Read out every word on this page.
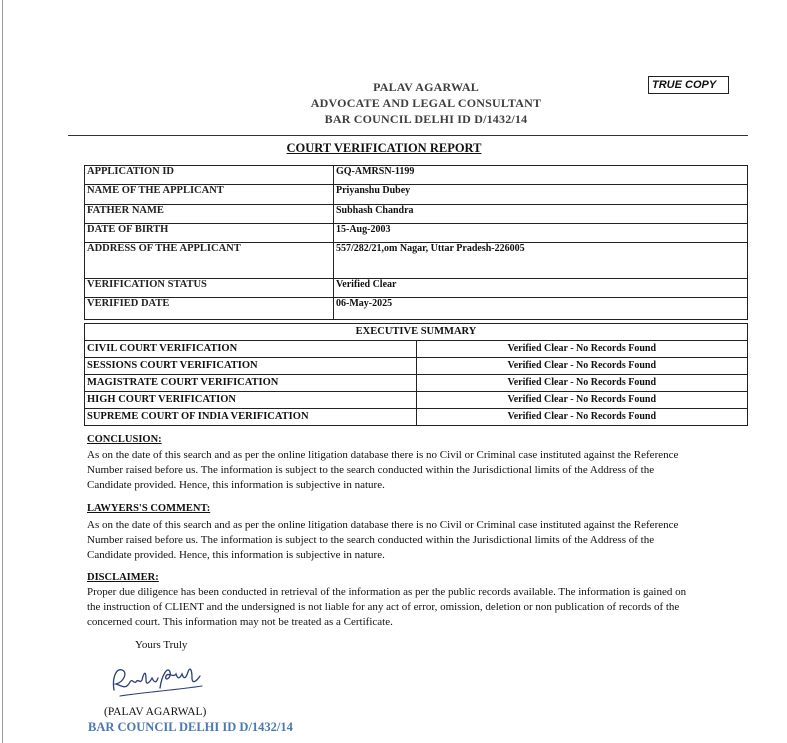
PALAV AGARWAL
ADVOCATE AND LEGAL CONSULTANT
BAR COUNCIL DELHI ID D/1432/14
TRUE COPY
COURT VERIFICATION REPORT
APPLICATION ID	GQ-AMRSN-1199
NAME OF THE APPLICANT	Priyanshu Dubey
FATHER NAME	Subhash Chandra
DATE OF BIRTH	15-Aug-2003
ADDRESS OF THE APPLICANT	557/282/21,om Nagar, Uttar Pradesh-226005
VERIFICATION STATUS	Verified Clear
VERIFIED DATE	06-May-2025
EXECUTIVE SUMMARY	
CIVIL COURT VERIFICATION	Verified Clear - No Records Found
SESSIONS COURT VERIFICATION	Verified Clear - No Records Found
MAGISTRATE COURT VERIFICATION	Verified Clear - No Records Found
HIGH COURT VERIFICATION	Verified Clear - No Records Found
SUPREME COURT OF INDIA VERIFICATION	Verified Clear - No Records Found
CONCLUSION:
As on the date of this search and as per the online litigation database there is no Civil or Criminal case instituted against the Reference
Number raised before us. The information is subject to the search conducted within the Jurisdictional limits of the Address of the
Candidate provided. Hence, this information is subjective in nature.
LAWYERS'S COMMENT:
As on the date of this search and as per the online litigation database there is no Civil or Criminal case instituted against the Reference
Number raised before us. The information is subject to the search conducted within the Jurisdictional limits of the Address of the
Candidate provided. Hence, this information is subjective in nature.
DISCLAIMER:
Proper due diligence has been conducted in retrieval of the information as per the public records available. The information is gained on
the instruction of CLIENT and the undersigned is not liable for any act of error, omission, deletion or non publication of records of the
concerned court. This information may not be treated as a Certificate.
Yours Truly
(PALAV AGARWAL)
BAR COUNCIL DELHI ID D/1432/14
